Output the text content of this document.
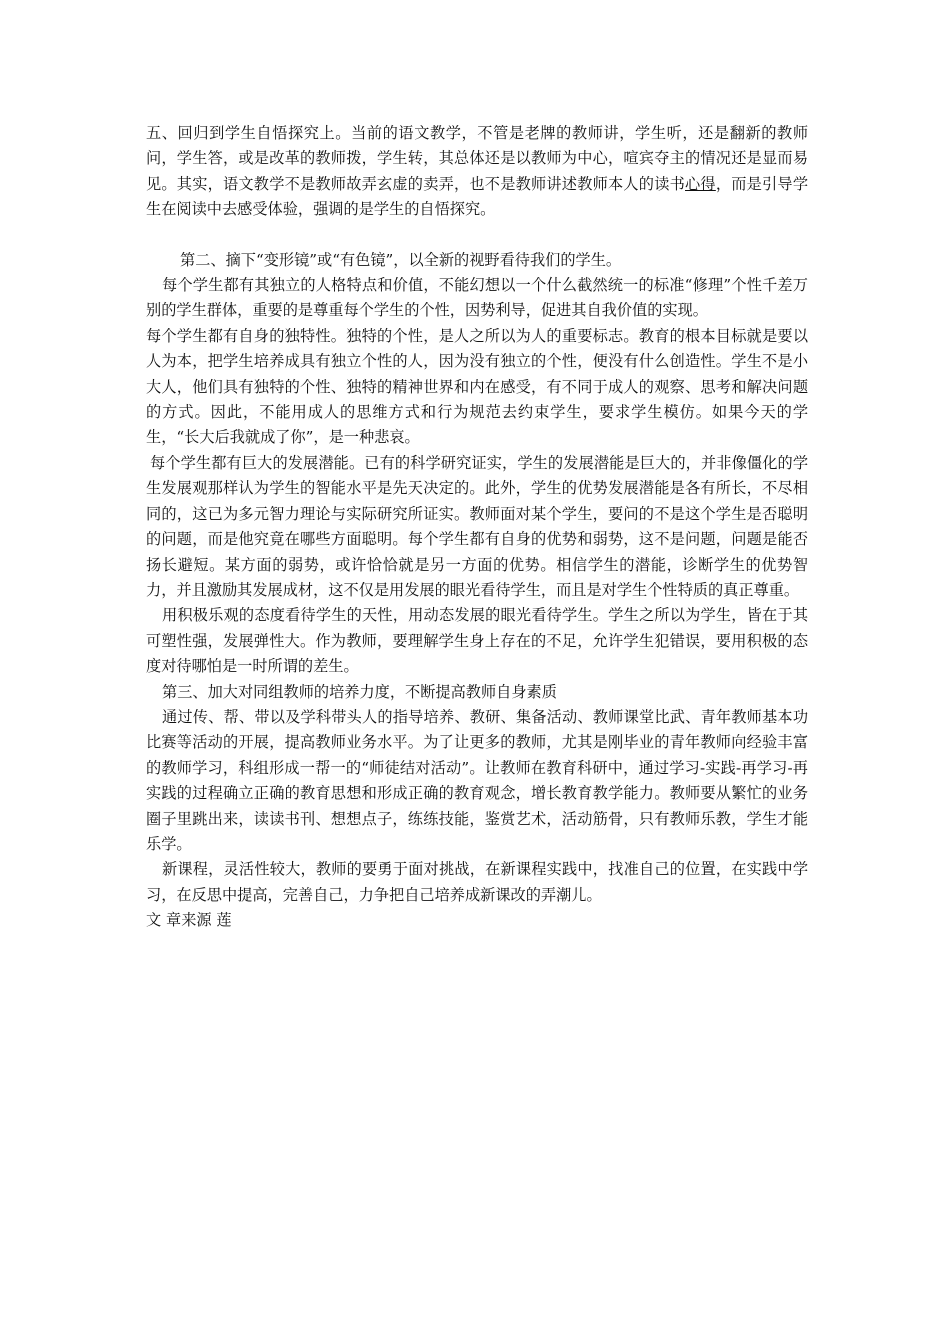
五、回归到学生自悟探究上。当前的语文教学，不管是老牌的教师讲，学生听，还是翻新的教师问，学生答，或是改革的教师拨，学生转，其总体还是以教师为中心，喧宾夺主的情况还是显而易见。其实，语文教学不是教师故弄玄虚的卖弄，也不是教师讲述教师本人的读书心得，而是引导学生在阅读中去感受体验，强调的是学生的自悟探究。

第二、摘下“变形镜”或“有色镜”，以全新的视野看待我们的学生。

每个学生都有其独立的人格特点和价值，不能幻想以一个什么截然统一的标准“修理”个性千差万别的学生群体，重要的是尊重每个学生的个性，因势利导，促进其自我价值的实现。

每个学生都有自身的独特性。独特的个性，是人之所以为人的重要标志。教育的根本目标就是要以人为本，把学生培养成具有独立个性的人，因为没有独立的个性，便没有什么创造性。学生不是小大人，他们具有独特的个性、独特的精神世界和内在感受，有不同于成人的观察、思考和解决问题的方式。因此，不能用成人的思维方式和行为规范去约束学生，要求学生模仿。如果今天的学生，“长大后我就成了你”，是一种悲哀。

每个学生都有巨大的发展潜能。已有的科学研究证实，学生的发展潜能是巨大的，并非像僵化的学生发展观那样认为学生的智能水平是先天决定的。此外，学生的优势发展潜能是各有所长，不尽相同的，这已为多元智力理论与实际研究所证实。教师面对某个学生，要问的不是这个学生是否聪明的问题，而是他究竟在哪些方面聪明。每个学生都有自身的优势和弱势，这不是问题，问题是能否扬长避短。某方面的弱势，或许恰恰就是另一方面的优势。相信学生的潜能，诊断学生的优势智力，并且激励其发展成材，这不仅是用发展的眼光看待学生，而且是对学生个性特质的真正尊重。

用积极乐观的态度看待学生的天性，用动态发展的眼光看待学生。学生之所以为学生，皆在于其可塑性强，发展弹性大。作为教师，要理解学生身上存在的不足，允许学生犯错误，要用积极的态度对待哪怕是一时所谓的差生。

第三、加大对同组教师的培养力度，不断提高教师自身素质

通过传、帮、带以及学科带头人的指导培养、教研、集备活动、教师课堂比武、青年教师基本功比赛等活动的开展，提高教师业务水平。为了让更多的教师，尤其是刚毕业的青年教师向经验丰富的教师学习，科组形成一帮一的“师徒结对活动”。让教师在教育科研中，通过学习-实践-再学习-再实践的过程确立正确的教育思想和形成正确的教育观念，增长教育教学能力。教师要从繁忙的业务圈子里跳出来，读读书刊、想想点子，练练技能，鉴赏艺术，活动筋骨，只有教师乐教，学生才能乐学。

新课程，灵活性较大，教师的要勇于面对挑战，在新课程实践中，找准自己的位置，在实践中学习，在反思中提高，完善自己，力争把自己培养成新课改的弄潮儿。

文 章来源 莲
